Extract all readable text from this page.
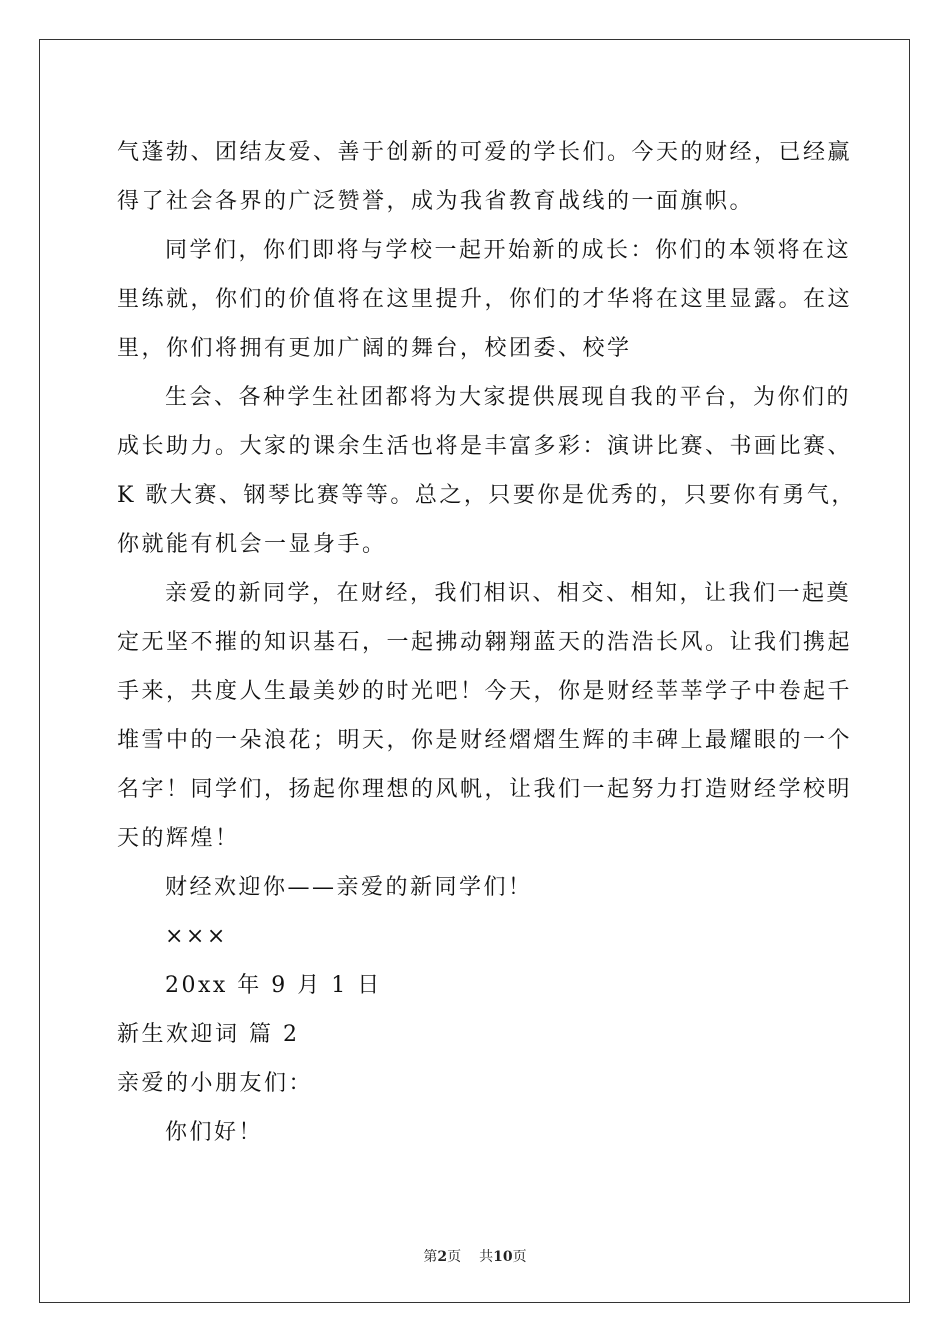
气蓬勃、团结友爱、善于创新的可爱的学长们。今天的财经，已经赢
得了社会各界的广泛赞誉，成为我省教育战线的一面旗帜。
同学们，你们即将与学校一起开始新的成长：你们的本领将在这
里练就，你们的价值将在这里提升，你们的才华将在这里显露。在这
里，你们将拥有更加广阔的舞台，校团委、校学
生会、各种学生社团都将为大家提供展现自我的平台，为你们的
成长助力。大家的课余生活也将是丰富多彩：演讲比赛、书画比赛、
K 歌大赛、钢琴比赛等等。总之，只要你是优秀的，只要你有勇气，
你就能有机会一显身手。
亲爱的新同学，在财经，我们相识、相交、相知，让我们一起奠
定无坚不摧的知识基石，一起拂动翱翔蓝天的浩浩长风。让我们携起
手来，共度人生最美妙的时光吧！今天，你是财经莘莘学子中卷起千
堆雪中的一朵浪花；明天，你是财经熠熠生辉的丰碑上最耀眼的一个
名字！同学们，扬起你理想的风帆，让我们一起努力打造财经学校明
天的辉煌！
财经欢迎你——亲爱的新同学们！
×××
20xx 年 9 月 1 日
新生欢迎词 篇 2
亲爱的小朋友们：
你们好！
第2页 共10页
